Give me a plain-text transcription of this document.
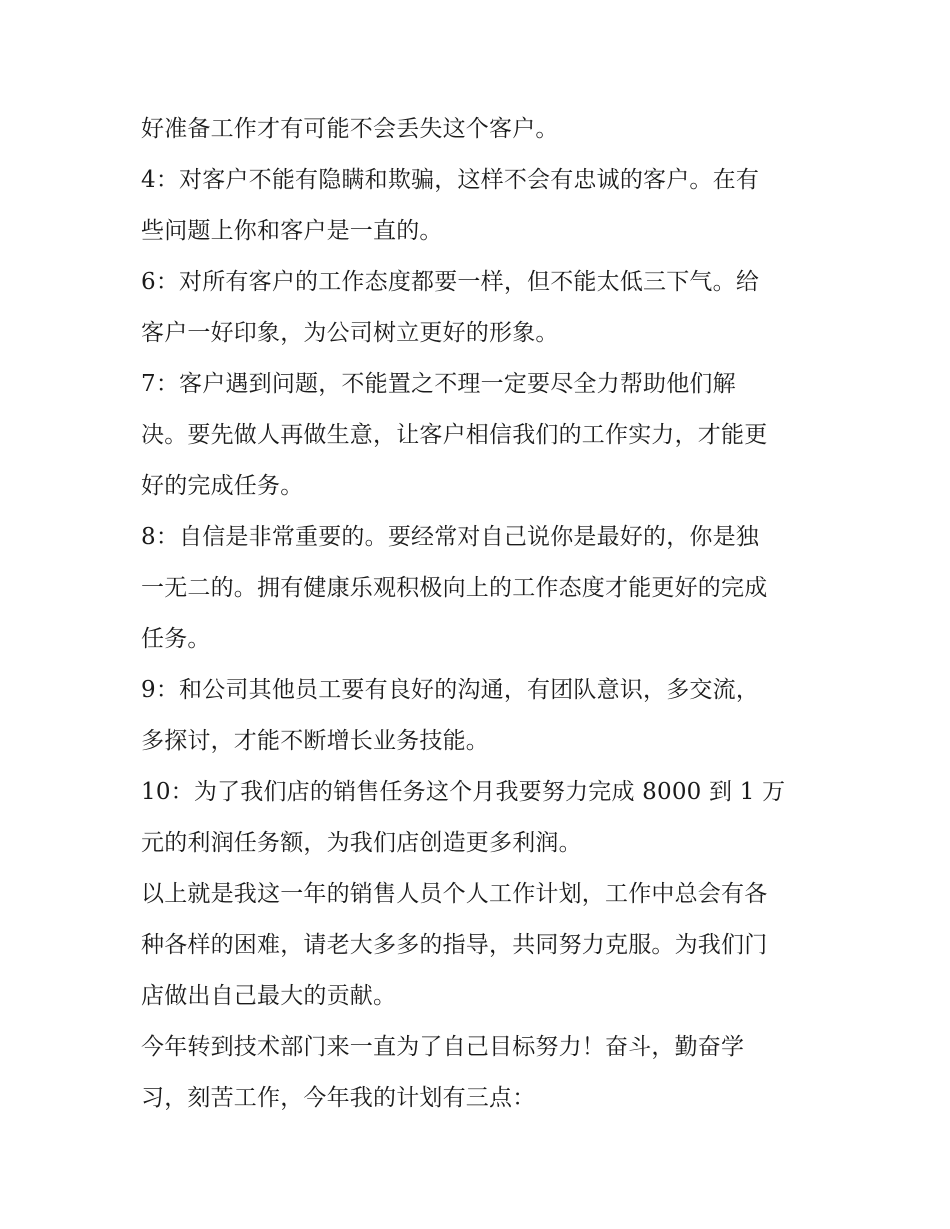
好准备工作才有可能不会丢失这个客户。
4：对客户不能有隐瞒和欺骗，这样不会有忠诚的客户。在有
些问题上你和客户是一直的。
6：对所有客户的工作态度都要一样，但不能太低三下气。给
客户一好印象，为公司树立更好的形象。
7：客户遇到问题，不能置之不理一定要尽全力帮助他们解
决。要先做人再做生意，让客户相信我们的工作实力，才能更
好的完成任务。
8：自信是非常重要的。要经常对自己说你是最好的，你是独
一无二的。拥有健康乐观积极向上的工作态度才能更好的完成
任务。
9：和公司其他员工要有良好的沟通，有团队意识，多交流，
多探讨，才能不断增长业务技能。
10：为了我们店的销售任务这个月我要努力完成 8000 到 1 万
元的利润任务额，为我们店创造更多利润。
以上就是我这一年的销售人员个人工作计划，工作中总会有各
种各样的困难，请老大多多的指导，共同努力克服。为我们门
店做出自己最大的贡献。
今年转到技术部门来一直为了自己目标努力！奋斗，勤奋学
习，刻苦工作，今年我的计划有三点：
